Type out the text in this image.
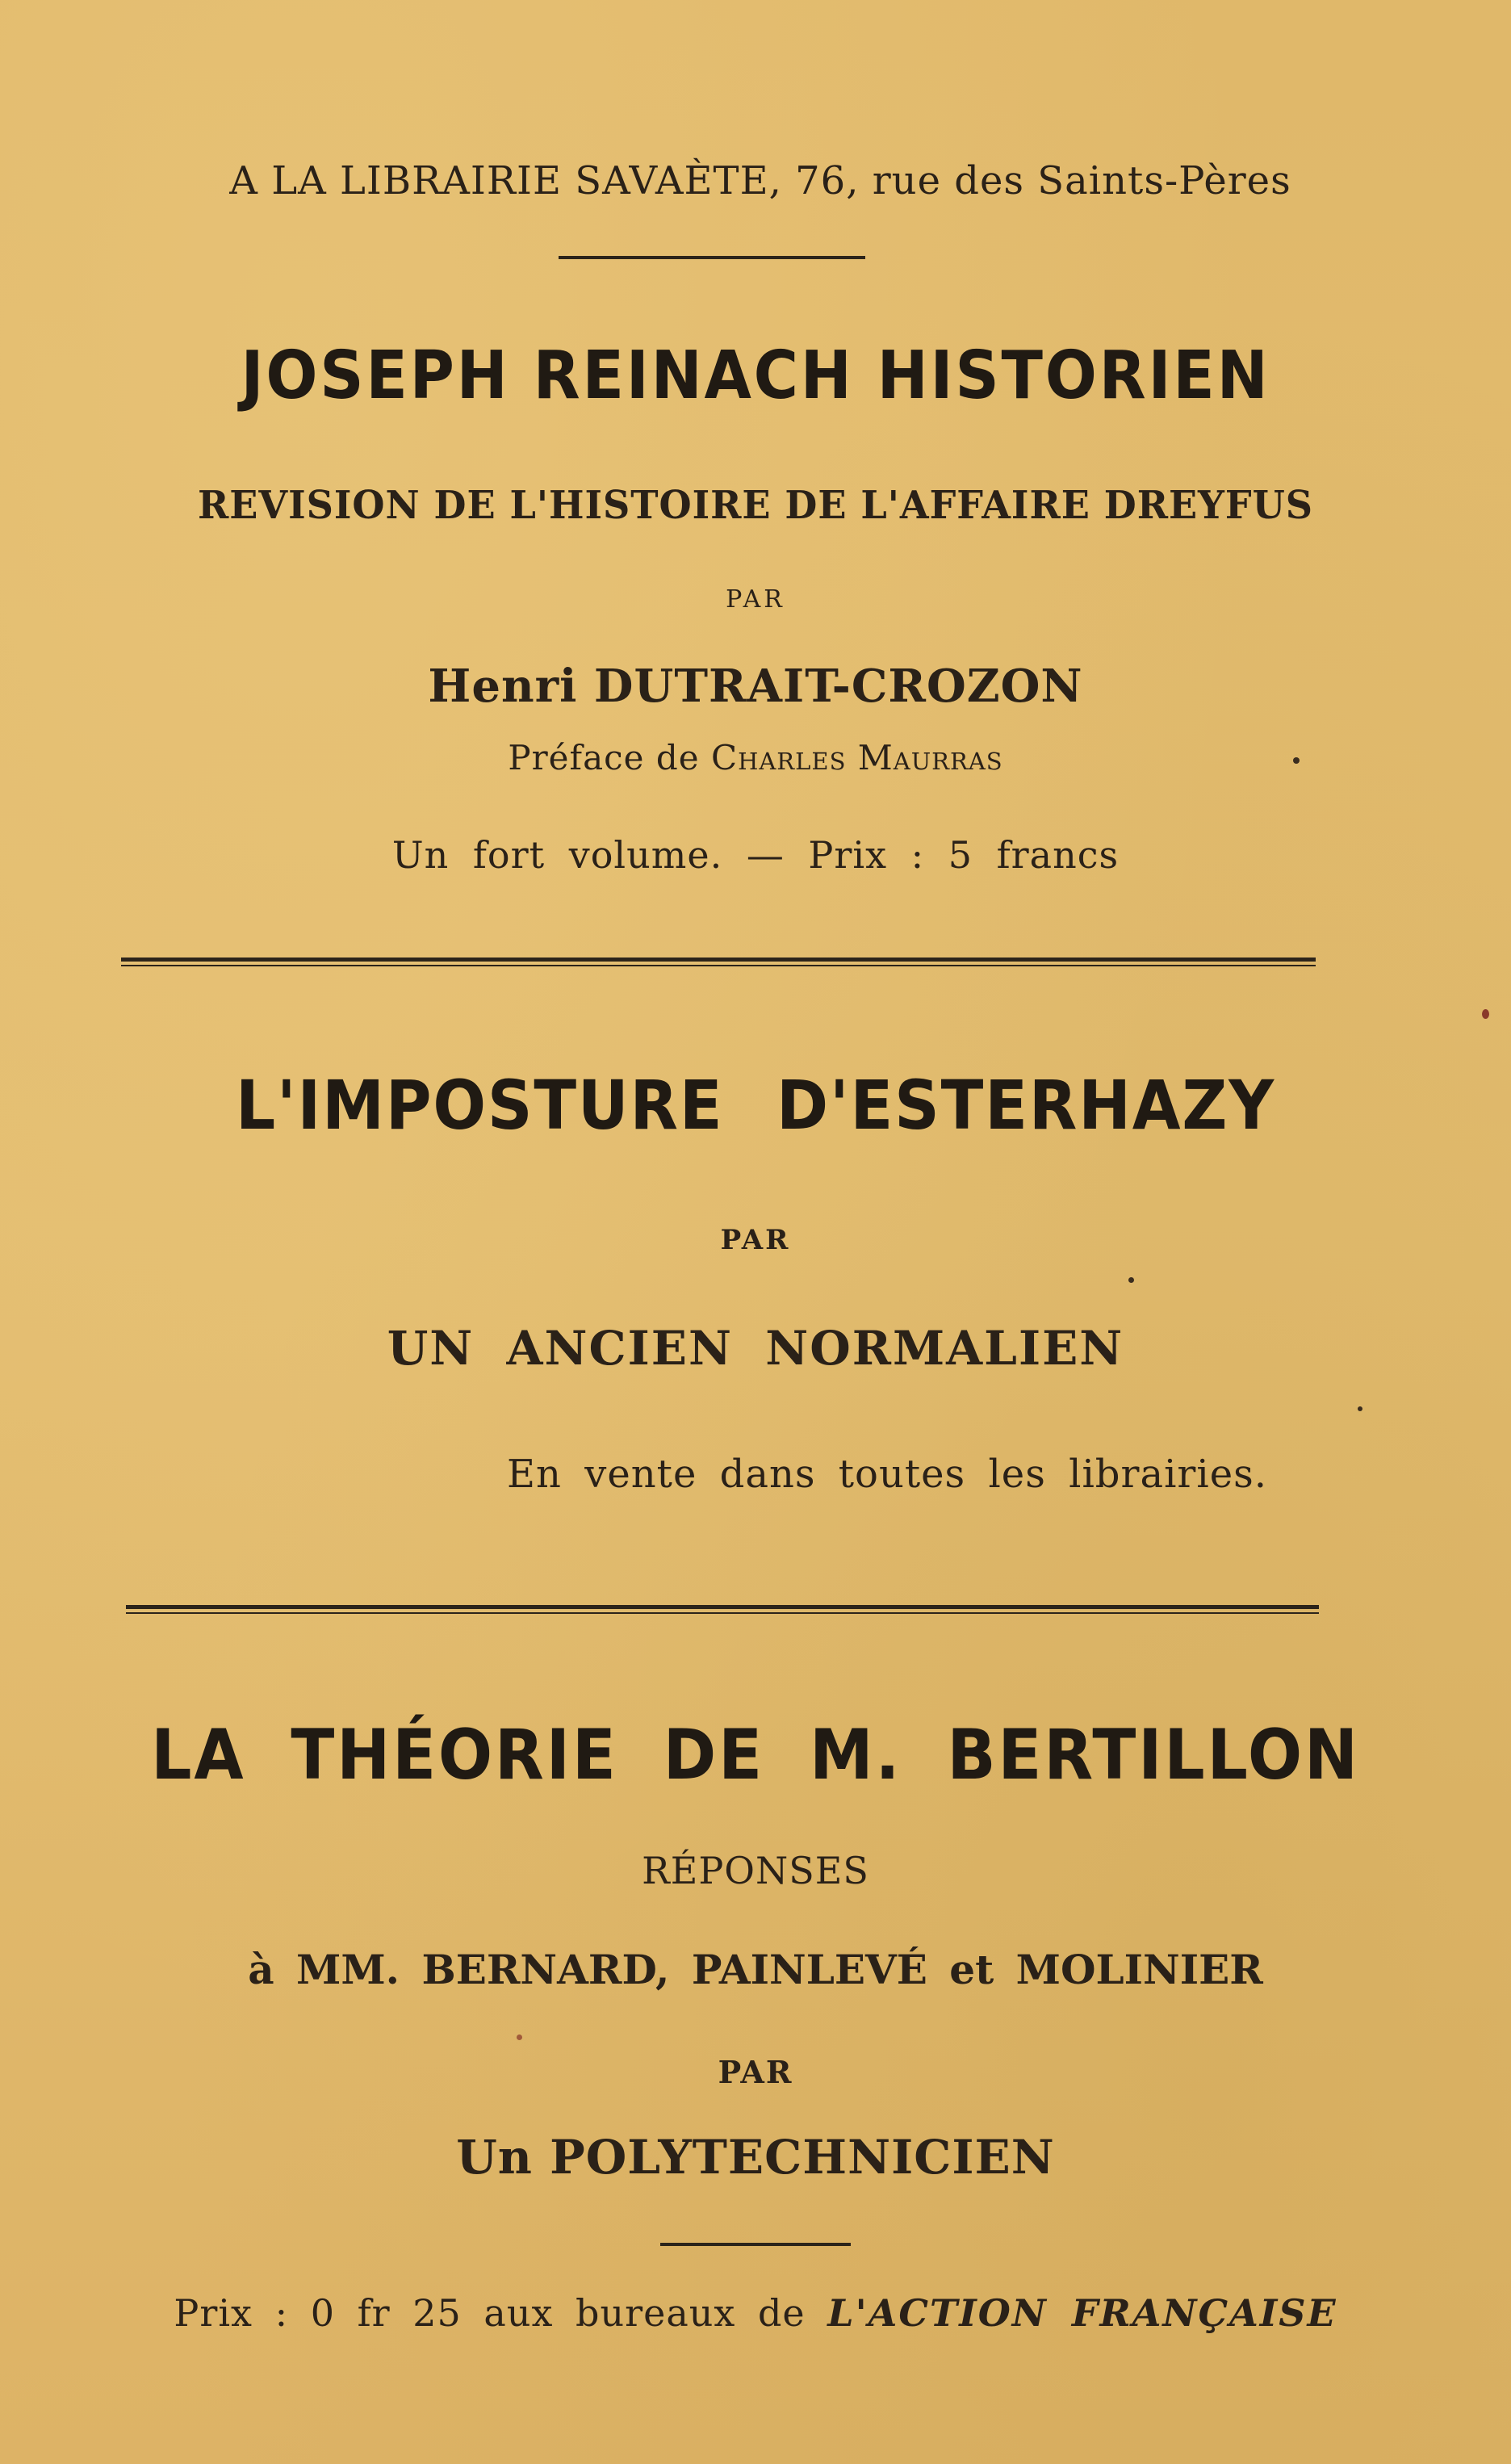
A LA LIBRAIRIE SAVAÈTE, 76, rue des Saints-Pères
JOSEPH REINACH HISTORIEN
REVISION DE L'HISTOIRE DE L'AFFAIRE DREYFUS
PAR
Henri DUTRAIT-CROZON
Préface de Charles Maurras
Un fort volume. — Prix : 5 francs
L'IMPOSTURE D'ESTERHAZY
PAR
UN ANCIEN NORMALIEN
En vente dans toutes les librairies.
LA THÉORIE DE M. BERTILLON
RÉPONSES
à MM. BERNARD, PAINLEVÉ et MOLINIER
PAR
Un POLYTECHNICIEN
Prix : 0 fr 25 aux bureaux de L'ACTION FRANÇAISE
